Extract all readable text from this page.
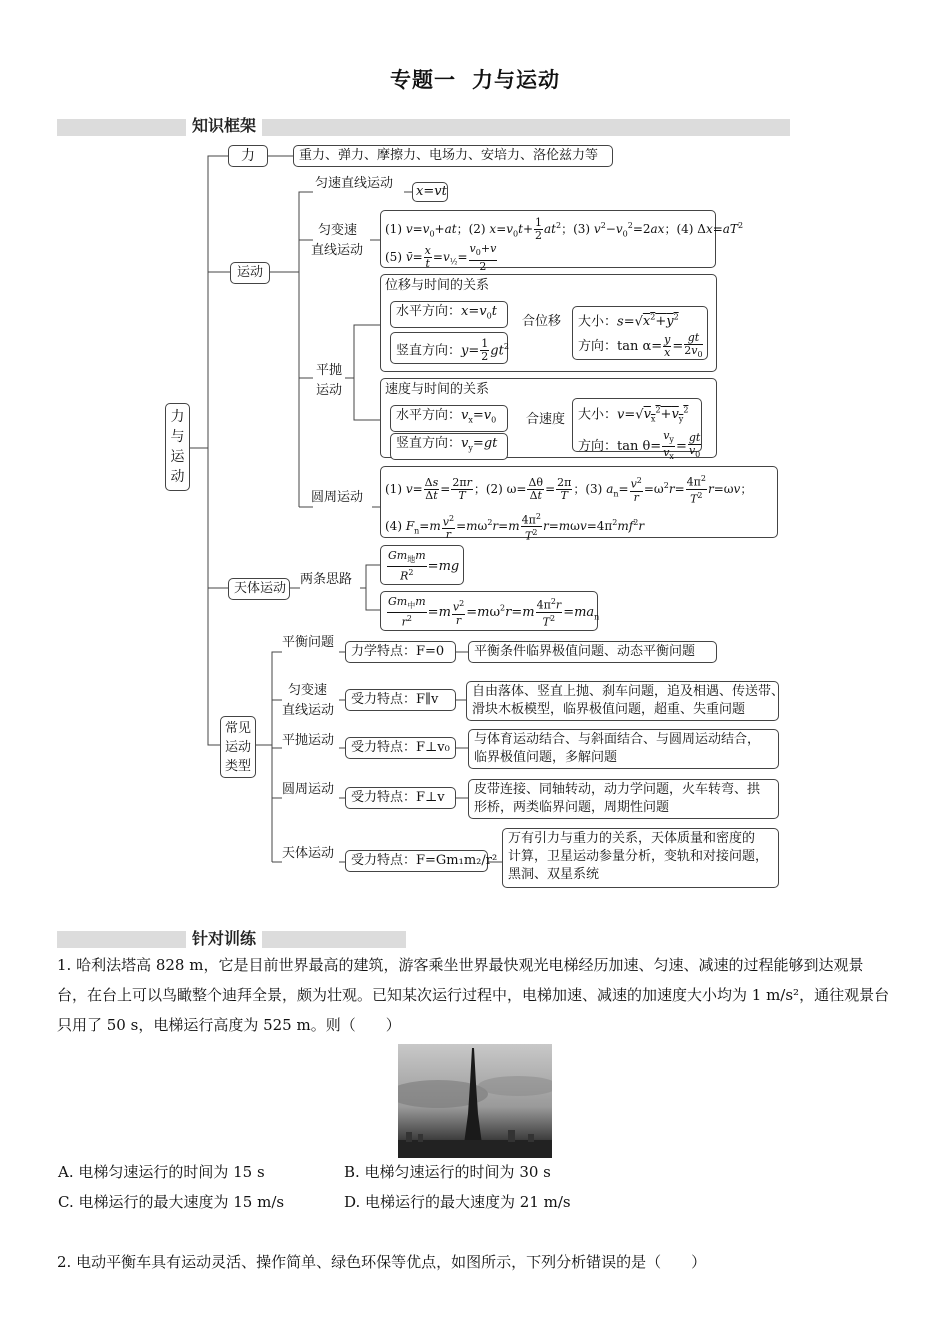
专题一 力与运动
知识框架
力
与
运
动
力	重力、弹力、摩擦力、电场力、安培力、洛伦兹力等
运动
匀速直线运动
x=vt
匀变速
直线运动
(1) $v=v_0+at$；(2) $x=v_0t+ \frac{1}{2} at^2$；(3) $v^2-v_0^2=2ax$；(4) $\Delta x=aT^2$
(5) v̄= $\frac{x}{t} =v_{\frac{1}{2}}= \frac{v_0+v}{2}$
平抛
运动
位移与时间的关系
水平方向：$x=v_0t$
竖直方向：$y= \frac{1}{2} gt^2$
合位移 大小：$s=√x^2+y^2$
方向：$\tan \alpha= \frac{y}{x} = \frac{gt}{2v_0}$
速度与时间的关系
水平方向：$v_x=v_0$
竖直方向：$v_y=gt$
合速度 大小：$v=√v_x^2+v_y^2$
方向：$\tan \theta= \frac{v_y}{v_x} = \frac{gt}{v_0}$
圆周运动
(1) $v= \frac{\Delta s}{\Delta t} = \frac{2\pi r}{T}$ ；(2) $\omega= \frac{\Delta\theta}{\Delta t} = \frac{2\pi}{T}$ ；(3) $a_n= \frac{v^2}{r} =\omega^2r= \frac{4\pi^2}{T^2} r=\omega v$；
(4) $F_n=m \frac{v^2}{r} =m\omega^2r=m \frac{4\pi^2}{T^2} r=m\omega v=4\pi^2mf^2r$
天体运动
两条思路	$\frac{Gm_地m}{R^2} =mg$
$\frac{Gm_中m}{r^2} =m \frac{v^2}{r} =m\omega^2r=m \frac{4\pi^2r}{T^2} =ma_n$
常见
运动
类型
平衡问题
力学特点：F=0	平衡条件临界极值问题、动态平衡问题
匀变速
直线运动
受力特点：F∥v
自由落体、竖直上抛、刹车问题，追及相遇、传送带、
滑块木板模型，临界极值问题，超重、失重问题
平抛运动	受力特点：F⊥v₀
与体育运动结合、与斜面结合、与圆周运动结合，
临界极值问题，多解问题
圆周运动
受力特点：F⊥v
皮带连接、同轴转动，动力学问题，火车转弯、拱
形桥，两类临界问题，周期性问题
天体运动	受力特点：F=Gm₁m₂/r²
万有引力与重力的关系，天体质量和密度的
计算，卫星运动参量分析，变轨和对接问题，
黑洞、双星系统
针对训练
1. 哈利法塔高 828 m，它是目前世界最高的建筑，游客乘坐世界最快观光电梯经历加速、匀速、减速的过程能够到达观景台，在台上可以鸟瞰整个迪拜全景，颇为壮观。已知某次运行过程中，电梯加速、减速的加速度大小均为 1 m/s²，通往观景台只用了 50 s，电梯运行高度为 525 m。则（　　）
A. 电梯匀速运行的时间为 15 s	B. 电梯匀速运行的时间为 30 s
C. 电梯运行的最大速度为 15 m/s	D. 电梯运行的最大速度为 21 m/s
2. 电动平衡车具有运动灵活、操作简单、绿色环保等优点，如图所示，下列分析错误的是（　　）
